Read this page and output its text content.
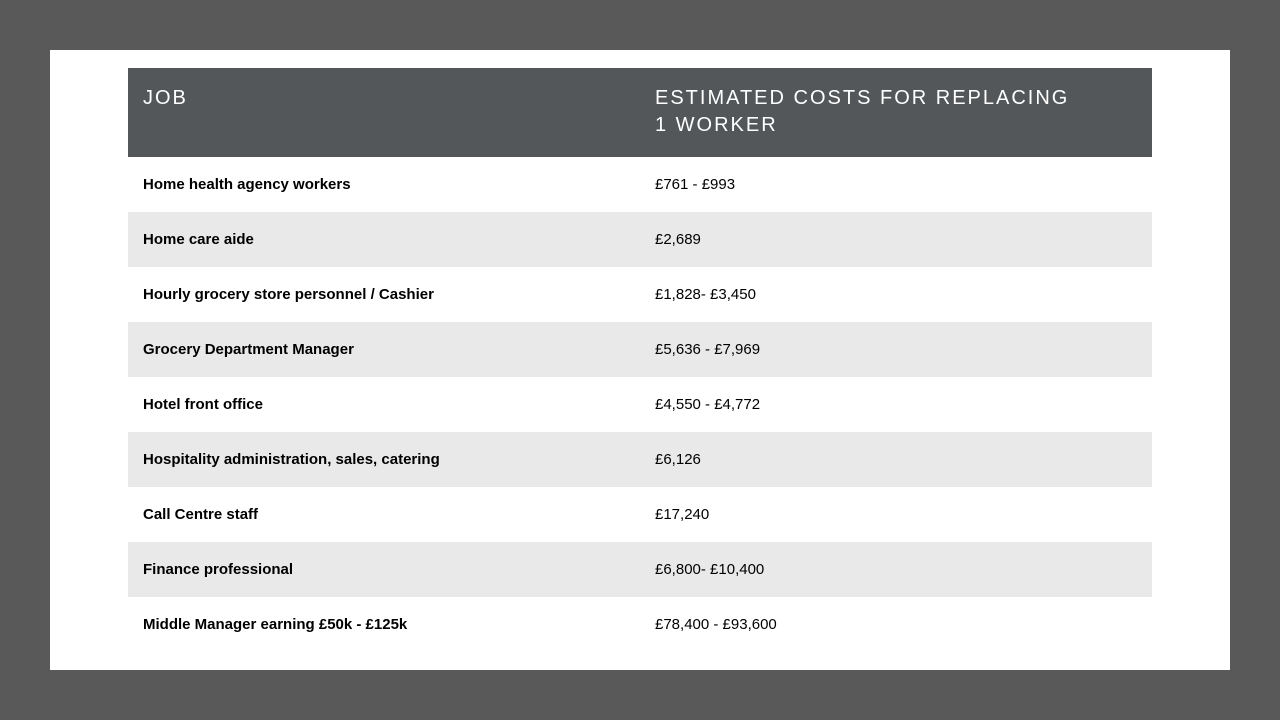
JOB	ESTIMATED COSTS FOR REPLACING 1 WORKER
Home health agency workers	£761 - £993
Home care aide	£2,689
Hourly grocery store personnel / Cashier	£1,828- £3,450
Grocery Department Manager	£5,636 - £7,969
Hotel front office	£4,550 - £4,772
Hospitality administration, sales, catering	£6,126
Call Centre staff	£17,240
Finance professional	£6,800- £10,400
Middle Manager earning £50k - £125k	£78,400 - £93,600
